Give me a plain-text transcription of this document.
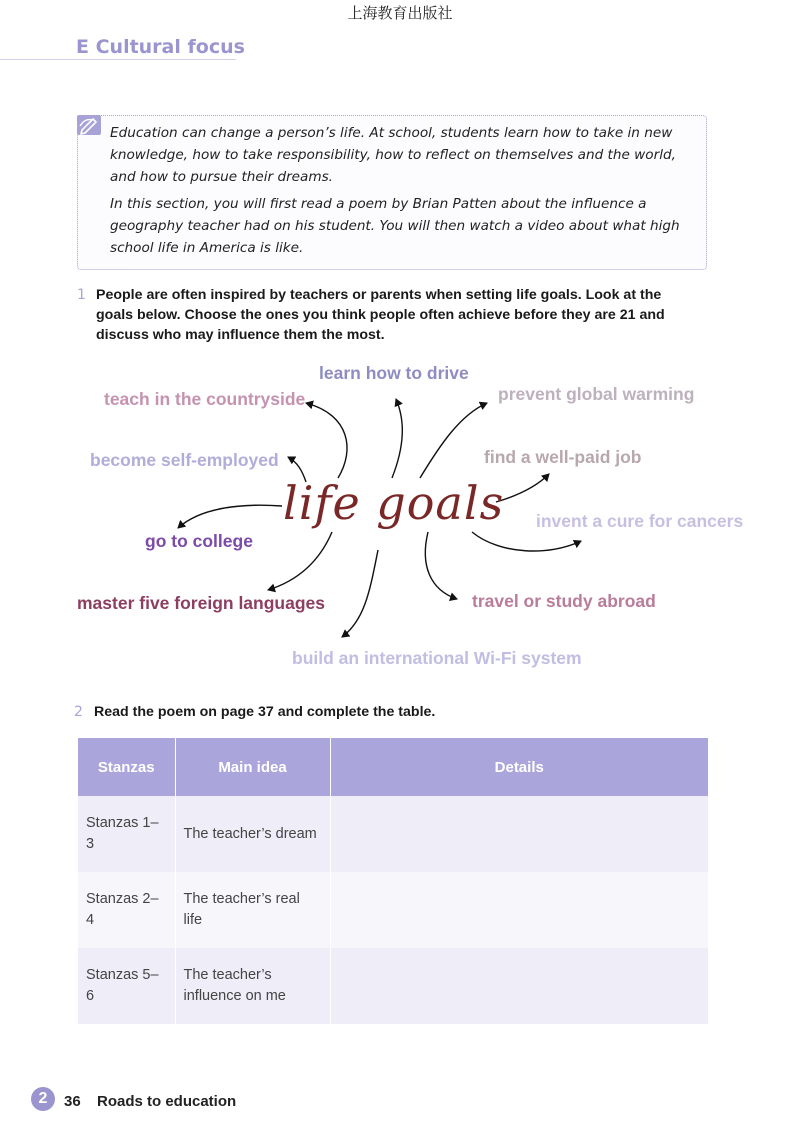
上海教育出版社
E Cultural focus

Education can change a person’s life. At school, students learn how to take in new knowledge, how to take responsibility, how to reflect on themselves and the world, and how to pursue their dreams.

In this section, you will first read a poem by Brian Patten about the influence a geography teacher had on his student. You will then watch a video about what high school life in America is like.

1 People are often inspired by teachers or parents when setting life goals. Look at the goals below. Choose the ones you think people often achieve before they are 21 and discuss who may influence them the most.
life goals
learn how to drive
teach in the countryside	prevent global warming
become self-employed	find a well-paid job
invent a cure for cancers
go to college
master five foreign languages	travel or study abroad
build an international Wi-Fi system
2 Read the poem on page 37 and complete the table.
Stanzas	Main idea	Details
Stanzas 1–3	The teacher’s dream	
Stanzas 2–4	The teacher’s real life	
Stanzas 5–6	The teacher’s influence on me	
2	36 Roads to education
